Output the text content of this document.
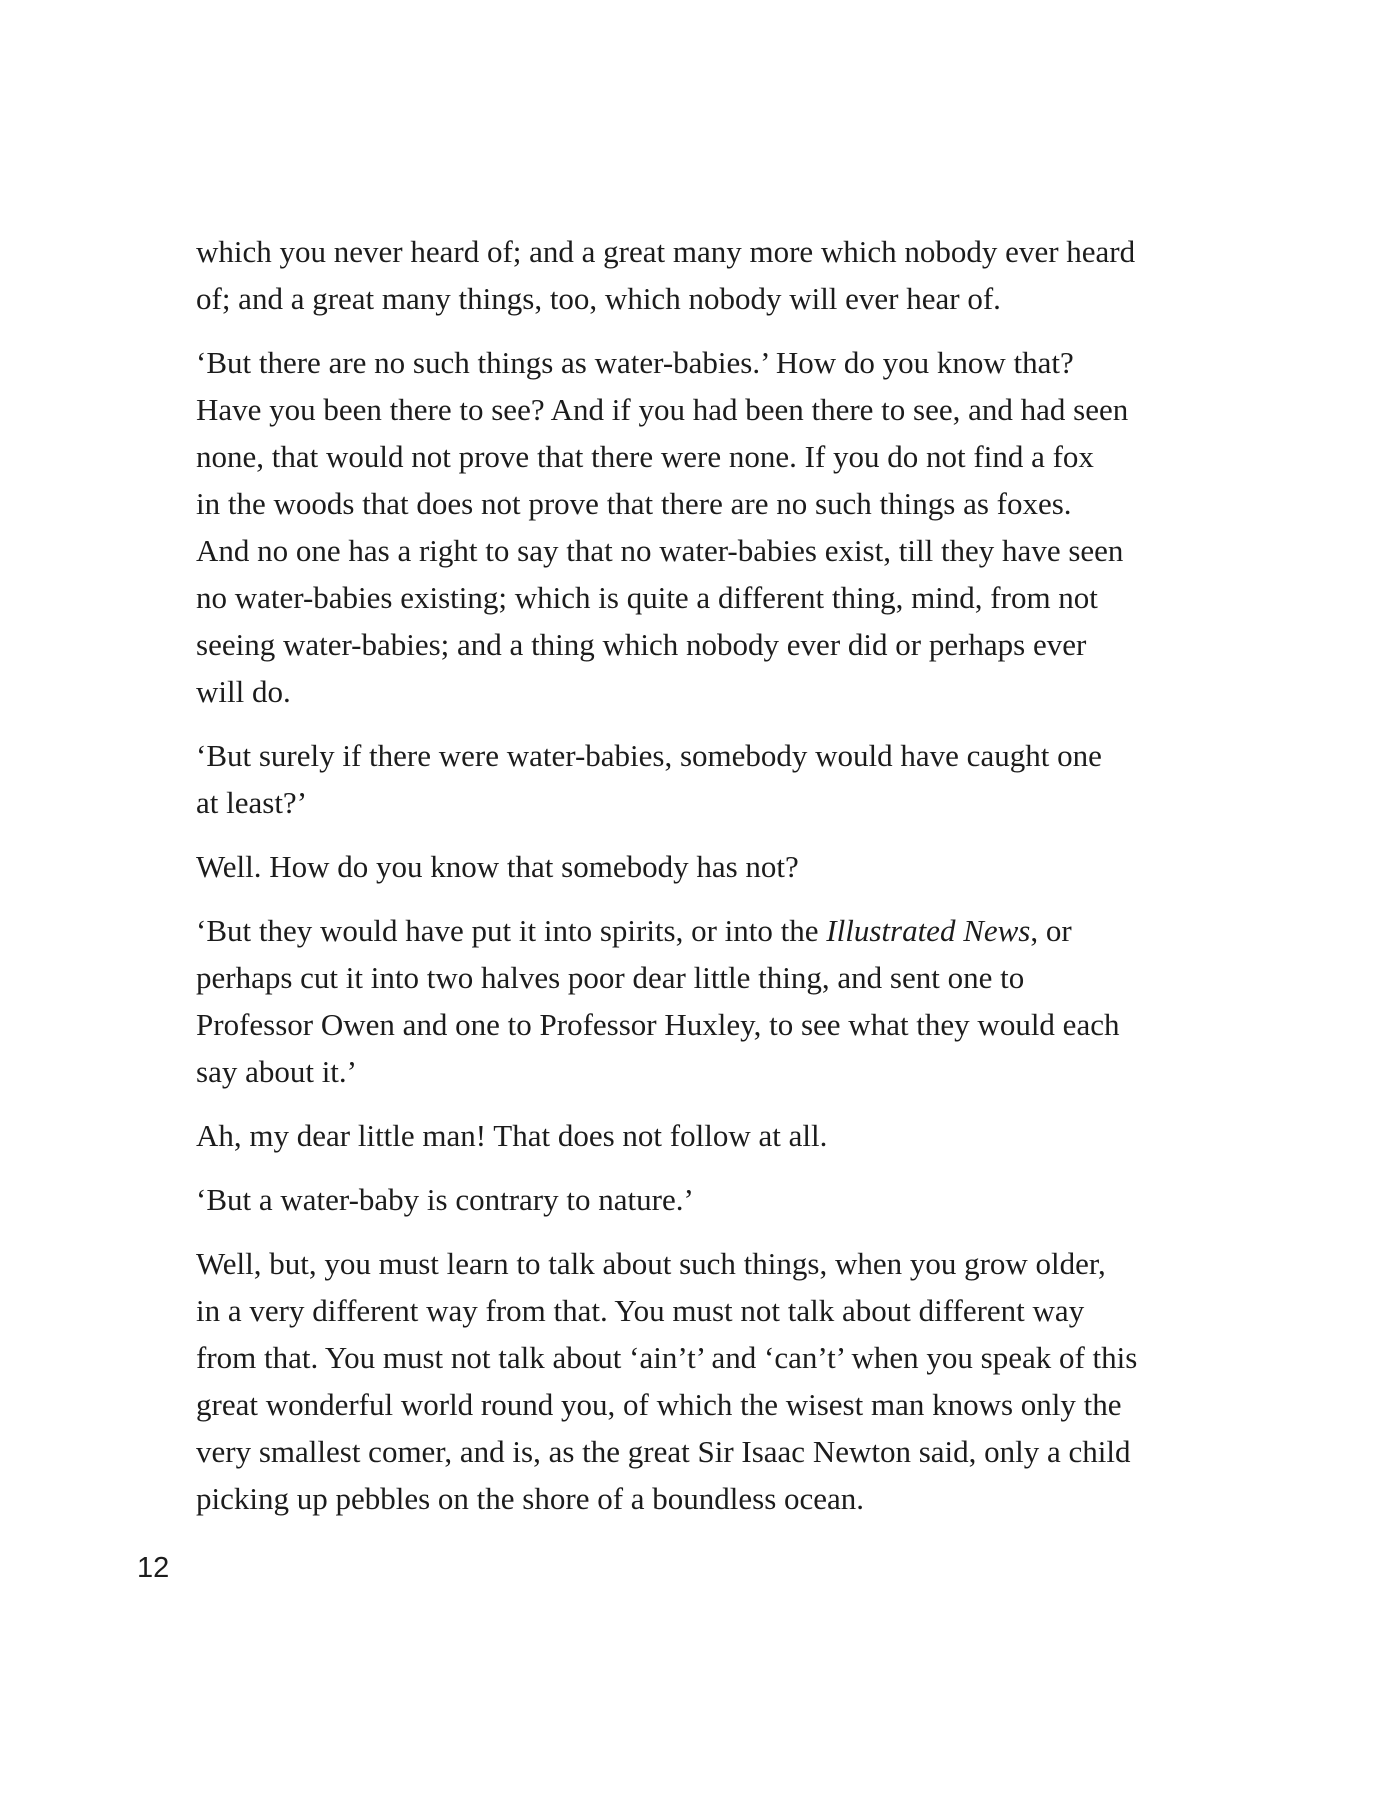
which you never heard of; and a great many more which nobody ever heard
of; and a great many things, too, which nobody will ever hear of.

‘But there are no such things as water-babies.’ How do you know that?
Have you been there to see? And if you had been there to see, and had seen
none, that would not prove that there were none. If you do not find a fox
in the woods that does not prove that there are no such things as foxes.
And no one has a right to say that no water-babies exist, till they have seen
no water-babies existing; which is quite a different thing, mind, from not
seeing water-babies; and a thing which nobody ever did or perhaps ever
will do.

‘But surely if there were water-babies, somebody would have caught one
at least?’

Well. How do you know that somebody has not?

‘But they would have put it into spirits, or into the Illustrated News, or
perhaps cut it into two halves poor dear little thing, and sent one to
Professor Owen and one to Professor Huxley, to see what they would each
say about it.’

Ah, my dear little man! That does not follow at all.

‘But a water-baby is contrary to nature.’

Well, but, you must learn to talk about such things, when you grow older,
in a very different way from that. You must not talk about different way
from that. You must not talk about ‘ain’t’ and ‘can’t’ when you speak of this
great wonderful world round you, of which the wisest man knows only the
very smallest comer, and is, as the great Sir Isaac Newton said, only a child
picking up pebbles on the shore of a boundless ocean.

12
